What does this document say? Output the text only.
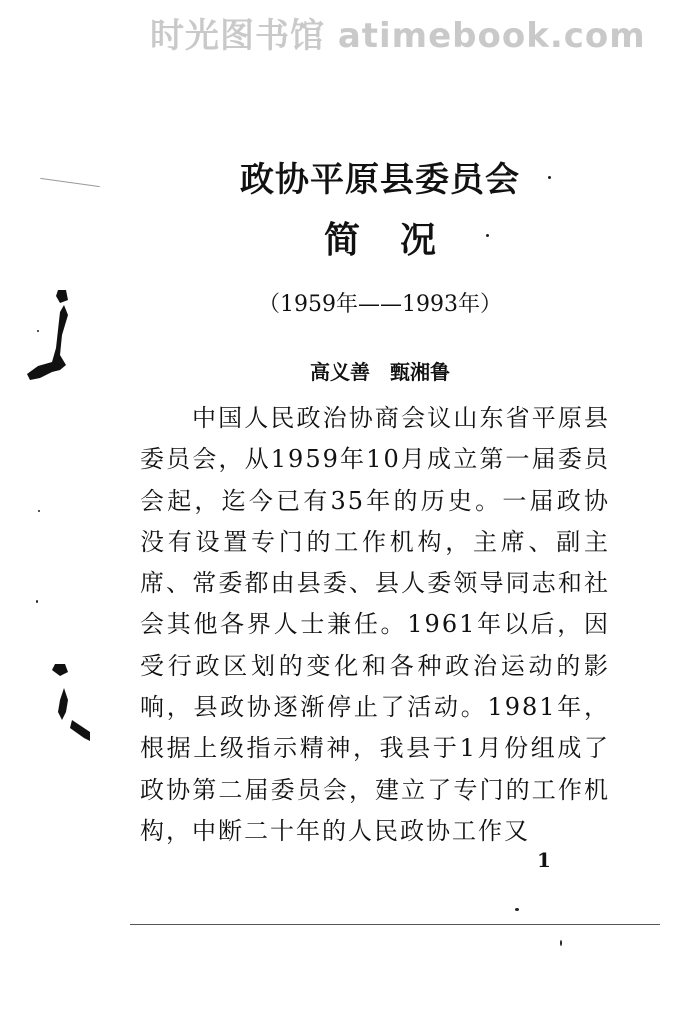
时光图书馆 atimebook.com
政协平原县委员会
简况
（1959年——1993年）
高义善　甄湘鲁

中国人民政治协商会议山东省平原县委员会，从1959年10月成立第一届委员会起，迄今已有35年的历史。一届政协没有设置专门的工作机构，主席、副主席、常委都由县委、县人委领导同志和社会其他各界人士兼任。1961年以后，因受行政区划的变化和各种政治运动的影响，县政协逐渐停止了活动。1981年，根据上级指示精神，我县于1月份组成了政协第二届委员会，建立了专门的工作机构，中断二十年的人民政协工作又

1
